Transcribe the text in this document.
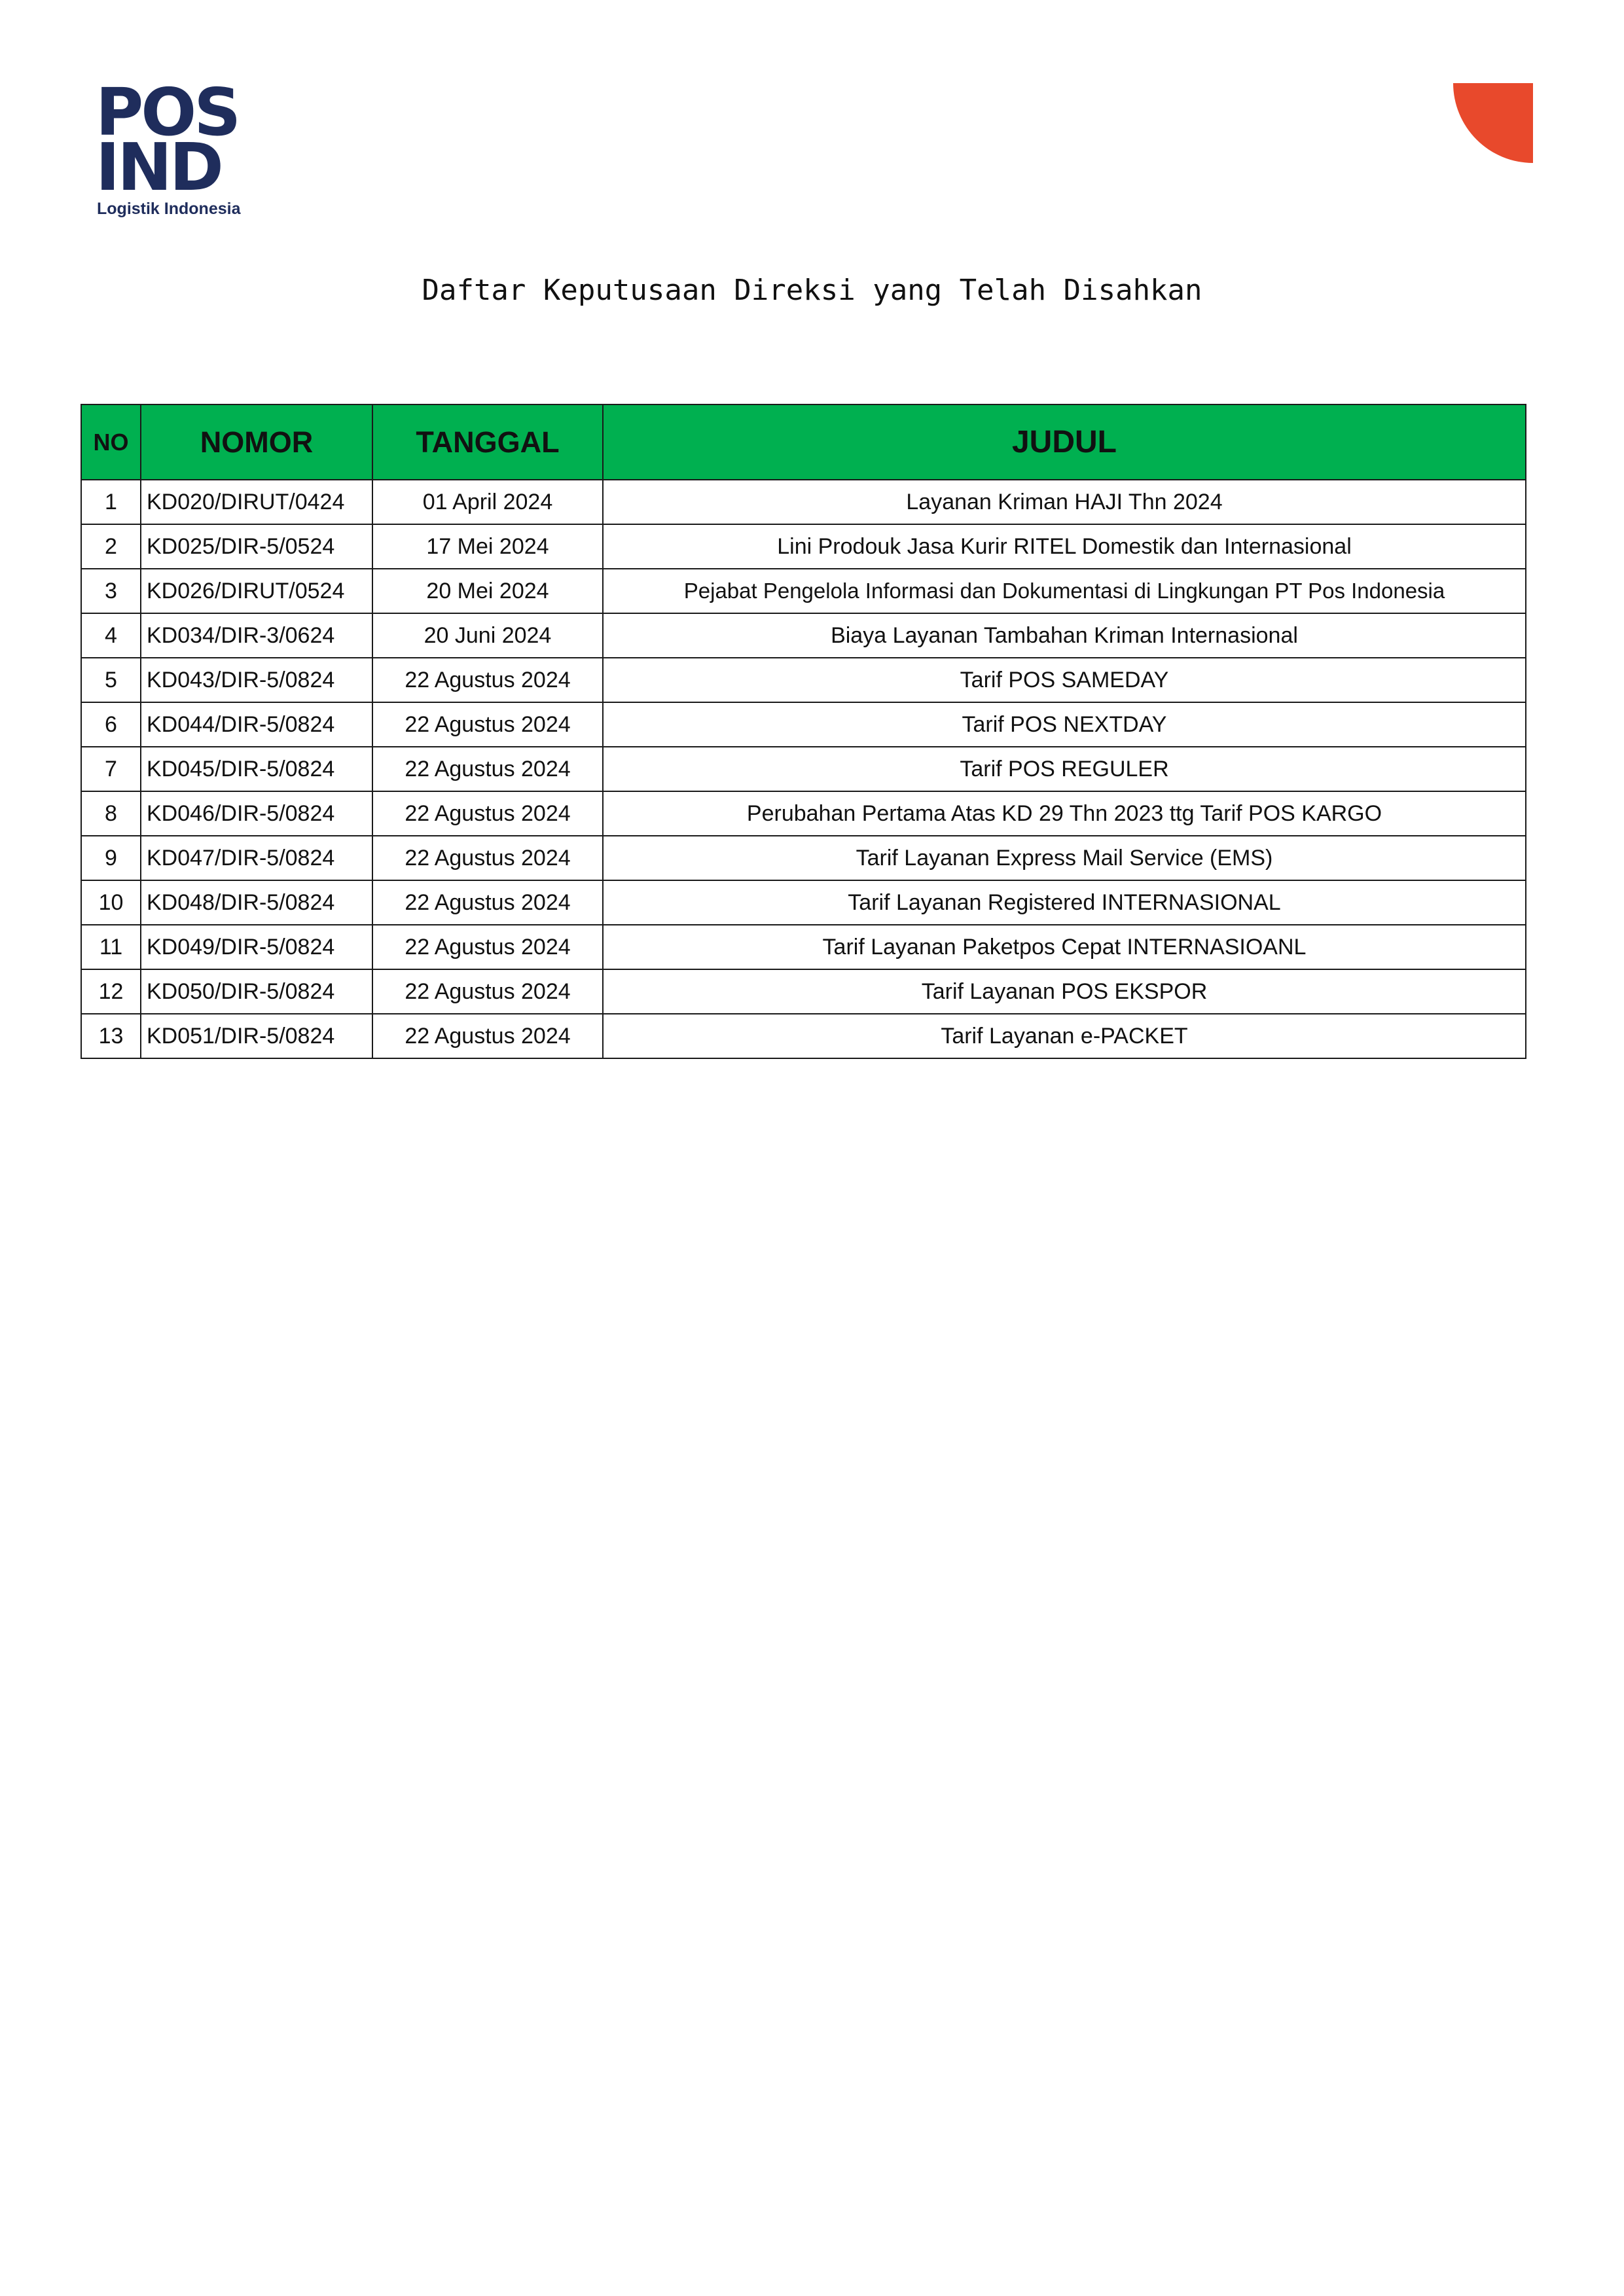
POS
IND
Logistik Indonesia
Daftar Keputusaan Direksi yang Telah Disahkan
NO	NOMOR	TANGGAL	JUDUL
1	KD020/DIRUT/0424	01 April 2024	Layanan Kriman HAJI Thn 2024
2	KD025/DIR-5/0524	17 Mei 2024	Lini Prodouk Jasa Kurir RITEL Domestik dan Internasional
3	KD026/DIRUT/0524	20 Mei 2024	Pejabat Pengelola Informasi dan Dokumentasi di Lingkungan PT Pos Indonesia
4	KD034/DIR-3/0624	20 Juni 2024	Biaya Layanan Tambahan Kriman Internasional
5	KD043/DIR-5/0824	22 Agustus 2024	Tarif POS SAMEDAY
6	KD044/DIR-5/0824	22 Agustus 2024	Tarif POS NEXTDAY
7	KD045/DIR-5/0824	22 Agustus 2024	Tarif POS REGULER
8	KD046/DIR-5/0824	22 Agustus 2024	Perubahan Pertama Atas KD 29 Thn 2023 ttg Tarif POS KARGO
9	KD047/DIR-5/0824	22 Agustus 2024	Tarif Layanan Express Mail Service (EMS)
10	KD048/DIR-5/0824	22 Agustus 2024	Tarif Layanan Registered INTERNASIONAL
11	KD049/DIR-5/0824	22 Agustus 2024	Tarif Layanan Paketpos Cepat INTERNASIOANL
12	KD050/DIR-5/0824	22 Agustus 2024	Tarif Layanan POS EKSPOR
13	KD051/DIR-5/0824	22 Agustus 2024	Tarif Layanan e-PACKET
